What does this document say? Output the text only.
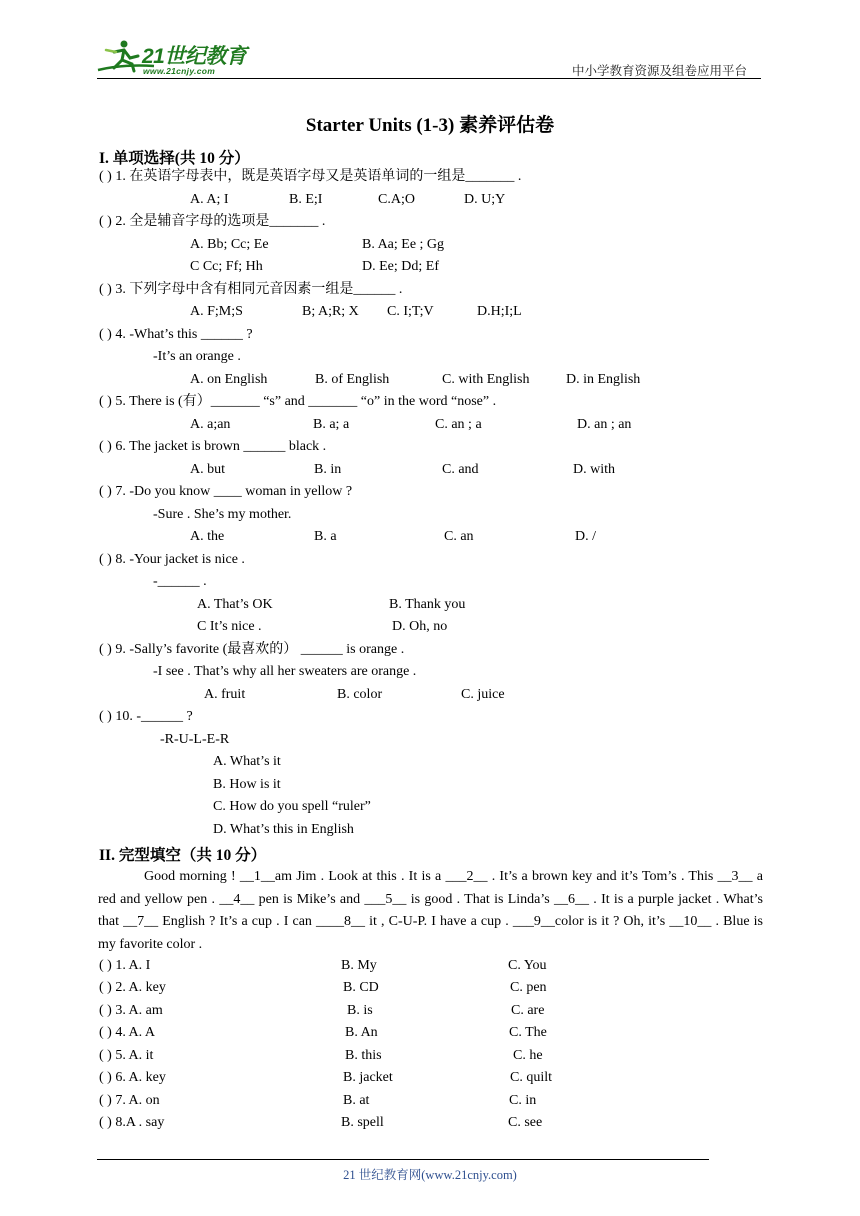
21世纪教育
www.21cnjy.com	中小学教育资源及组卷应用平台
Starter Units (1-3) 素养评估卷
I. 单项选择(共 10 分）
( ) 1. 在英语字母表中，既是英语字母又是英语单词的一组是_______ .
A. A; I	B. E;I	C.A;O	D. U;Y
( ) 2. 全是辅音字母的选项是_______ .
A. Bb; Cc; Ee	B. Aa; Ee ; Gg
C Cc; Ff; Hh	D. Ee; Dd; Ef
( ) 3. 下列字母中含有相同元音因素一组是______ .
A. F;M;S	B; A;R; X C. I;T;V	D.H;I;L
( ) 4. -What’s this ______ ?
-It’s an orange .
A. on English	B. of English	C. with English	D. in English
( ) 5. There is (有）_______ “s” and _______ “o” in the word “nose” .
A. a;an	B. a; a	C. an ; a	D. an ; an
( ) 6. The jacket is brown ______ black .
A. but	B. in	C. and	D. with
( ) 7. -Do you know ____ woman in yellow ?
-Sure . She’s my mother.
A. the	B. a	C. an	D. /
( ) 8. -Your jacket is nice .
-______ .
A. That’s OK	B. Thank you
C It’s nice .	D. Oh, no
( ) 9. -Sally’s favorite (最喜欢的） ______ is orange .
-I see . That’s why all her sweaters are orange .
A. fruit	B. color	C. juice
( ) 10. -______ ?
-R-U-L-E-R
A. What’s it
B. How is it
C. How do you spell “ruler”
D. What’s this in English
II. 完型填空（共 10 分）
Good morning ! __1__am Jim . Look at this . It is a ___2__ . It’s a brown key and it’s Tom’s . This __3__ a red and yellow pen . __4__ pen is Mike’s and ___5__ is good . That is Linda’s __6__ . It is a purple jacket . What’s that __7__ English ? It’s a cup . I can ____8__ it , C-U-P. I have a cup . ___9__color is it ? Oh, it’s __10__ . Blue is my favorite color .
( ) 1. A. I	B. My	C. You
( ) 2. A. key	B. CD	C. pen
( ) 3. A. am	B. is	C. are
( ) 4. A. A	B. An	C. The
( ) 5. A. it	B. this	C. he
( ) 6. A. key	B. jacket	C. quilt
( ) 7. A. on	B. at	C. in
( ) 8.A . say	B. spell	C. see
21 世纪教育网(www.21cnjy.com)
